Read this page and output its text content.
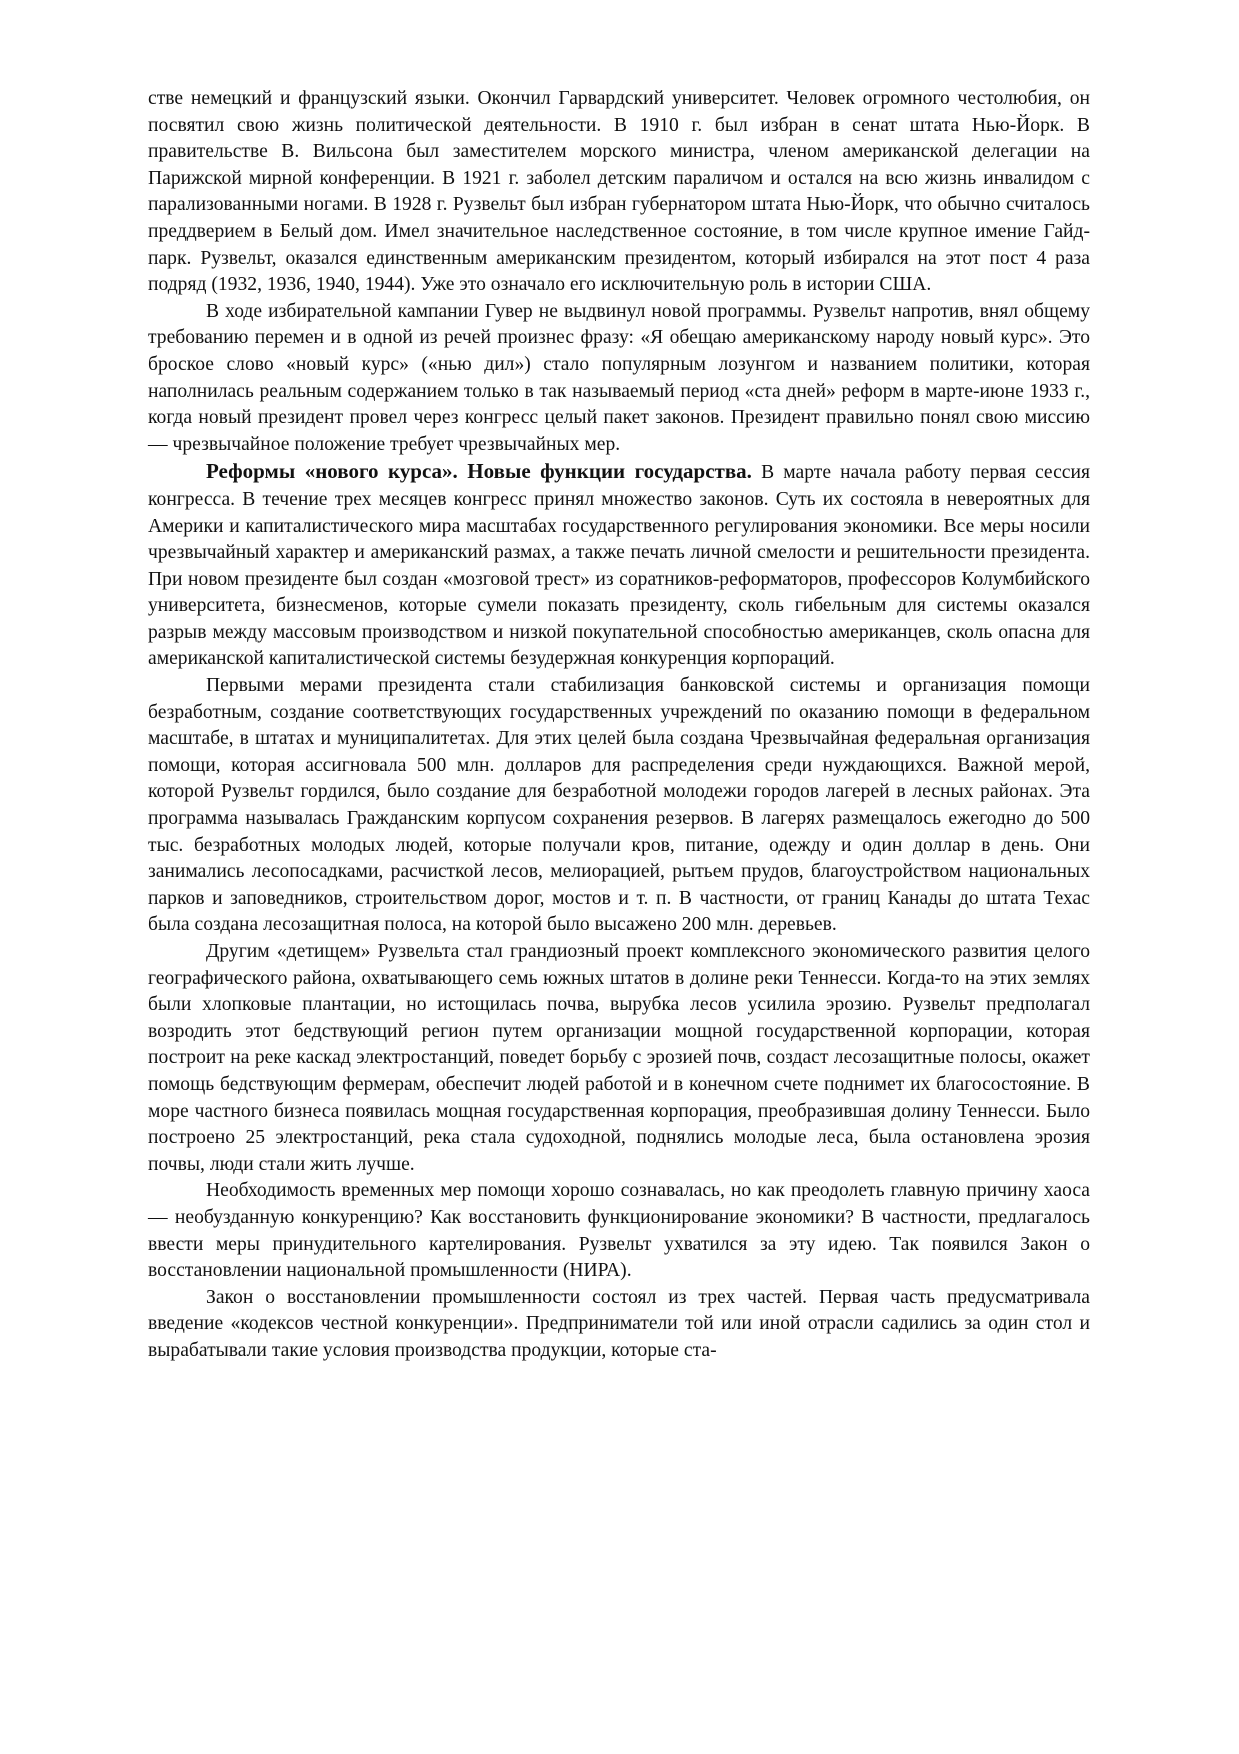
стве немецкий и французский языки. Окончил Гарвардский университет. Человек огромного честолюбия, он посвятил свою жизнь политической деятельности. В 1910 г. был избран в сенат штата Нью-Йорк. В правительстве В. Вильсона был заместителем морского министра, членом американской делегации на Парижской мирной конференции. В 1921 г. заболел детским параличом и остался на всю жизнь инвалидом с парализованными ногами. В 1928 г. Рузвельт был избран губернатором штата Нью-Йорк, что обычно считалось преддверием в Белый дом. Имел значительное наследственное состояние, в том числе крупное имение Гайд-парк. Рузвельт, оказался единственным американским президентом, который избирался на этот пост 4 раза подряд (1932, 1936, 1940, 1944). Уже это означало его исключительную роль в истории США.

В ходе избирательной кампании Гувер не выдвинул новой программы. Рузвельт напротив, внял общему требованию перемен и в одной из речей произнес фразу: «Я обещаю американскому народу новый курс». Это броское слово «новый курс» («нью дил») стало популярным лозунгом и названием политики, которая наполнилась реальным содержанием только в так называемый период «ста дней» реформ в марте-июне 1933 г., когда новый президент провел через конгресс целый пакет законов. Президент правильно понял свою миссию — чрезвычайное положение требует чрезвычайных мер.

Реформы «нового курса». Новые функции государства. В марте начала работу первая сессия конгресса. В течение трех месяцев конгресс принял множество законов. Суть их состояла в невероятных для Америки и капиталистического мира масштабах государственного регулирования экономики. Все меры носили чрезвычайный характер и американский размах, а также печать личной смелости и решительности президента. При новом президенте был создан «мозговой трест» из соратников-реформаторов, профессоров Колумбийского университета, бизнесменов, которые сумели показать президенту, сколь гибельным для системы оказался разрыв между массовым производством и низкой покупательной способностью американцев, сколь опасна для американской капиталистической системы безудержная конкуренция корпораций.

Первыми мерами президента стали стабилизация банковской системы и организация помощи безработным, создание соответствующих государственных учреждений по оказанию помощи в федеральном масштабе, в штатах и муниципалитетах. Для этих целей была создана Чрезвычайная федеральная организация помощи, которая ассигновала 500 млн. долларов для распределения среди нуждающихся. Важной мерой, которой Рузвельт гордился, было создание для безработной молодежи городов лагерей в лесных районах. Эта программа называлась Гражданским корпусом сохранения резервов. В лагерях размещалось ежегодно до 500 тыс. безработных молодых людей, которые получали кров, питание, одежду и один доллар в день. Они занимались лесопосадками, расчисткой лесов, мелиорацией, рытьем прудов, благоустройством национальных парков и заповедников, строительством дорог, мостов и т. п. В частности, от границ Канады до штата Техас была создана лесозащитная полоса, на которой было высажено 200 млн. деревьев.

Другим «детищем» Рузвельта стал грандиозный проект комплексного экономического развития целого географического района, охватывающего семь южных штатов в долине реки Теннесси. Когда-то на этих землях были хлопковые плантации, но истощилась почва, вырубка лесов усилила эрозию. Рузвельт предполагал возродить этот бедствующий регион путем организации мощной государственной корпорации, которая построит на реке каскад электростанций, поведет борьбу с эрозией почв, создаст лесозащитные полосы, окажет помощь бедствующим фермерам, обеспечит людей работой и в конечном счете поднимет их благосостояние. В море частного бизнеса появилась мощная государственная корпорация, преобразившая долину Теннесси. Было построено 25 электростанций, река стала судоходной, поднялись молодые леса, была остановлена эрозия почвы, люди стали жить лучше.

Необходимость временных мер помощи хорошо сознавалась, но как преодолеть главную причину хаоса — необузданную конкуренцию? Как восстановить функционирование экономики? В частности, предлагалось ввести меры принудительного картелирования. Рузвельт ухватился за эту идею. Так появился Закон о восстановлении национальной промышленности (НИРА).

Закон о восстановлении промышленности состоял из трех частей. Первая часть предусматривала введение «кодексов честной конкуренции». Предприниматели той или иной отрасли садились за один стол и вырабатывали такие условия производства продукции, которые ста-
